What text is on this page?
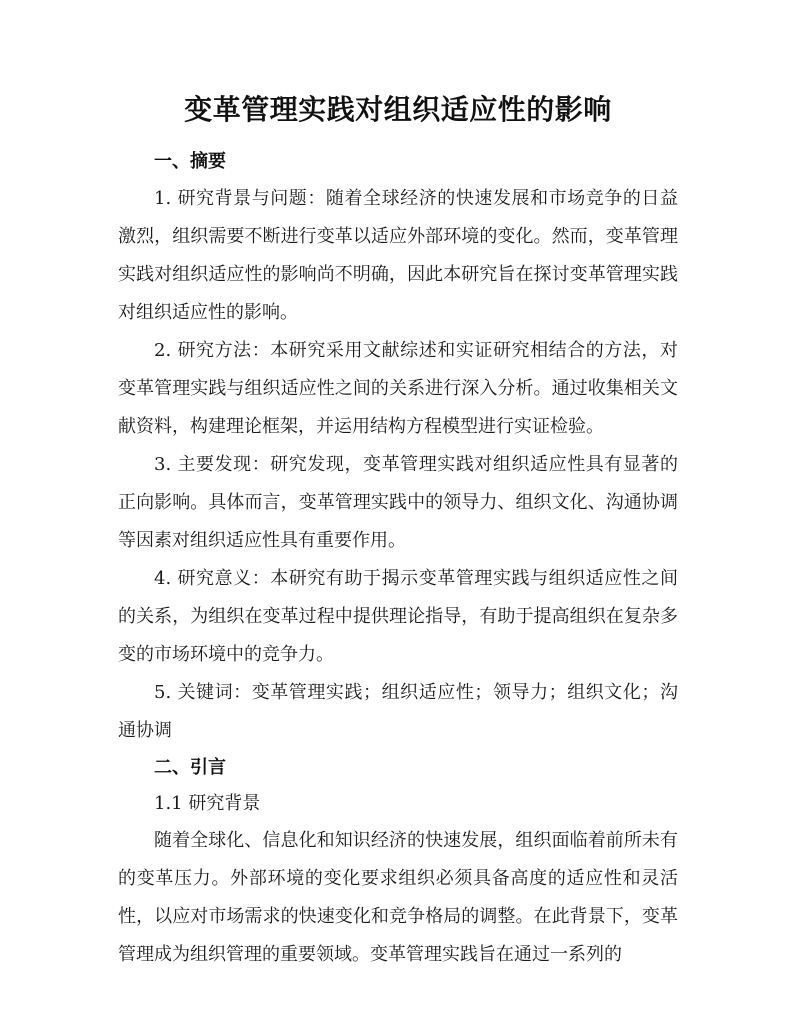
变革管理实践对组织适应性的影响
一、摘要

1. 研究背景与问题：随着全球经济的快速发展和市场竞争的日益激烈，组织需要不断进行变革以适应外部环境的变化。然而，变革管理实践对组织适应性的影响尚不明确，因此本研究旨在探讨变革管理实践对组织适应性的影响。

2. 研究方法：本研究采用文献综述和实证研究相结合的方法，对变革管理实践与组织适应性之间的关系进行深入分析。通过收集相关文献资料，构建理论框架，并运用结构方程模型进行实证检验。

3. 主要发现：研究发现，变革管理实践对组织适应性具有显著的正向影响。具体而言，变革管理实践中的领导力、组织文化、沟通协调等因素对组织适应性具有重要作用。

4. 研究意义：本研究有助于揭示变革管理实践与组织适应性之间的关系，为组织在变革过程中提供理论指导，有助于提高组织在复杂多变的市场环境中的竞争力。

5. 关键词：变革管理实践；组织适应性；领导力；组织文化；沟通协调

二、引言

1.1 研究背景

随着全球化、信息化和知识经济的快速发展，组织面临着前所未有的变革压力。外部环境的变化要求组织必须具备高度的适应性和灵活性，以应对市场需求的快速变化和竞争格局的调整。在此背景下，变革管理成为组织管理的重要领域。变革管理实践旨在通过一系列的
